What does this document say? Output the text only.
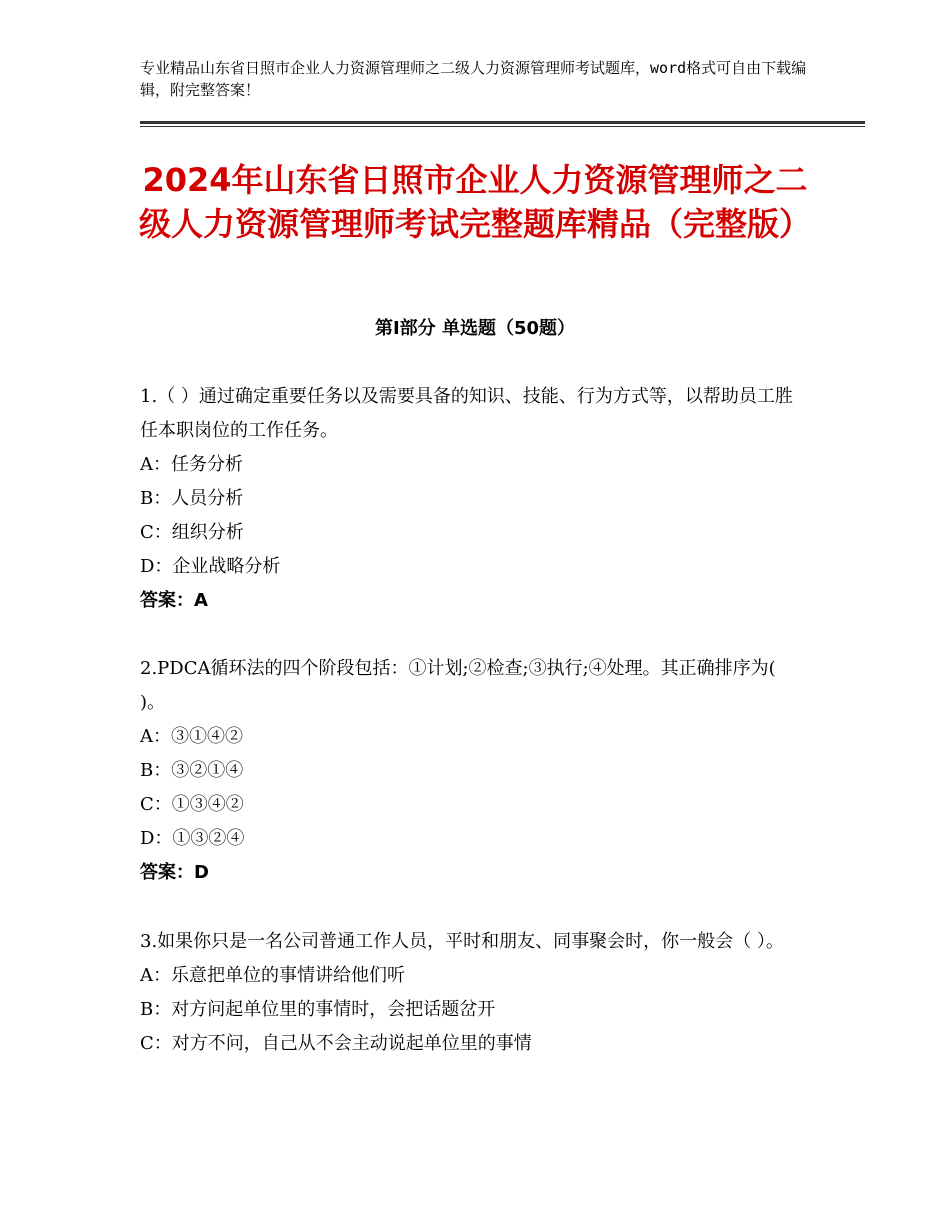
专业精品山东省日照市企业人力资源管理师之二级人力资源管理师考试题库，word格式可自由下载编辑，附完整答案！
2024年山东省日照市企业人力资源管理师之二级人力资源管理师考试完整题库精品（完整版）
第Ⅰ部分 单选题（50题）

1.（ ）通过确定重要任务以及需要具备的知识、技能、行为方式等，以帮助员工胜任本职岗位的工作任务。

A：任务分析

B：人员分析

C：组织分析

D：企业战略分析

答案：A

2.PDCA循环法的四个阶段包括：①计划;②检查;③执行;④处理。其正确排序为( )。

A：③①④②

B：③②①④

C：①③④②

D：①③②④

答案：D

3.如果你只是一名公司普通工作人员，平时和朋友、同事聚会时，你一般会（ ）。

A：乐意把单位的事情讲给他们听

B：对方问起单位里的事情时，会把话题岔开

C：对方不问，自己从不会主动说起单位里的事情
